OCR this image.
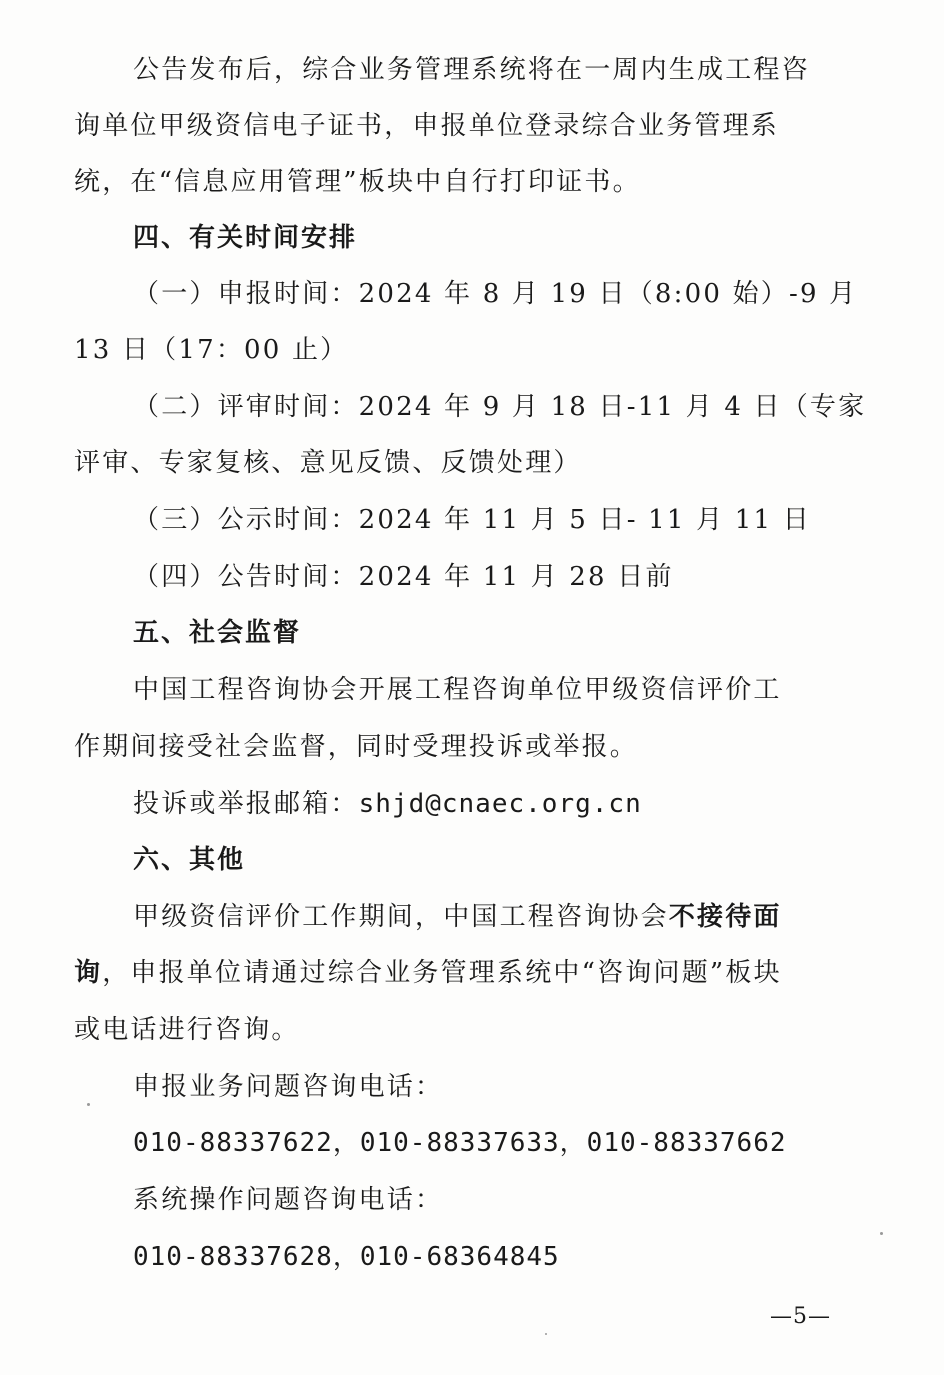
公告发布后，综合业务管理系统将在一周内生成工程咨
询单位甲级资信电子证书，申报单位登录综合业务管理系
统，在“信息应用管理”板块中自行打印证书。
四、有关时间安排
（一）申报时间：2024 年 8 月 19 日（8:00 始）-9 月
13 日（17：00 止）
（二）评审时间：2024 年 9 月 18 日-11 月 4 日（专家
评审、专家复核、意见反馈、反馈处理）
（三）公示时间：2024 年 11 月 5 日- 11 月 11 日
（四）公告时间：2024 年 11 月 28 日前
五、社会监督
中国工程咨询协会开展工程咨询单位甲级资信评价工
作期间接受社会监督，同时受理投诉或举报。
投诉或举报邮箱：shjd@cnaec.org.cn
六、其他
甲级资信评价工作期间，中国工程咨询协会不接待面
询，申报单位请通过综合业务管理系统中“咨询问题”板块
或电话进行咨询。
申报业务问题咨询电话：
010-88337622，010-88337633，010-88337662
系统操作问题咨询电话：
010-88337628，010-68364845
—5—
